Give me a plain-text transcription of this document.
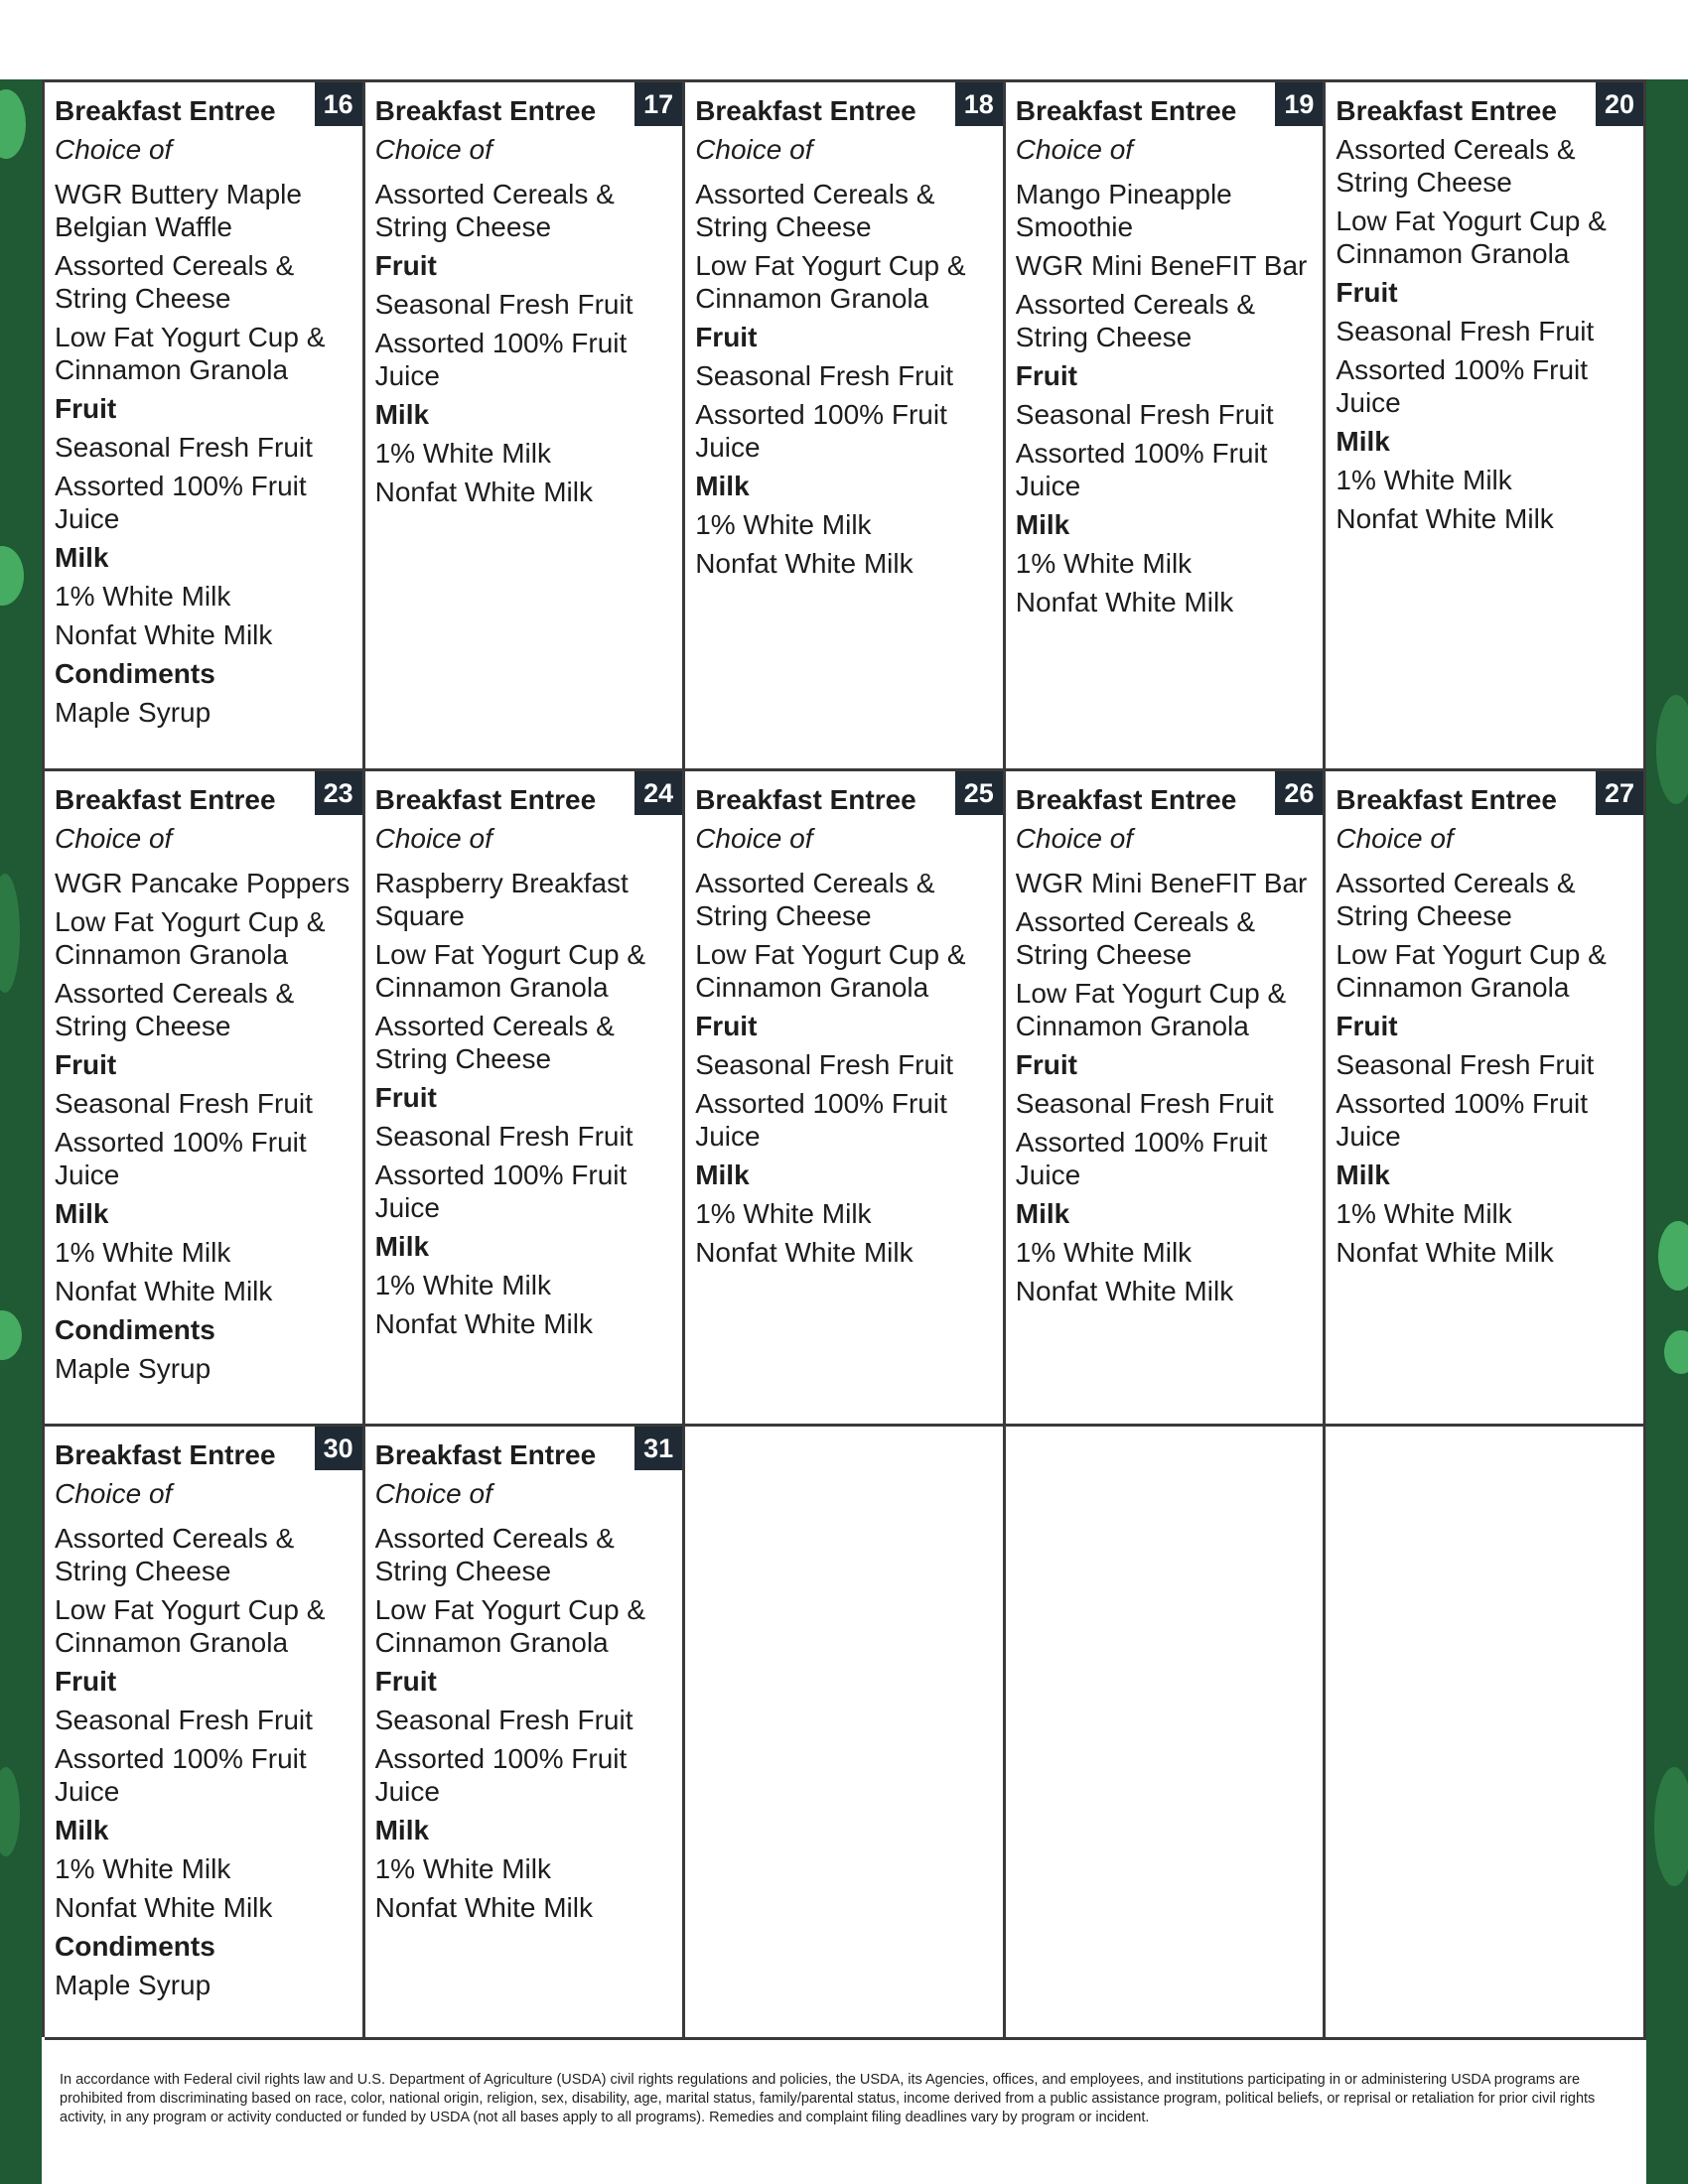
16
Breakfast Entree
Choice of
WGR Buttery Maple Belgian Waffle
Assorted Cereals & String Cheese
Low Fat Yogurt Cup & Cinnamon Granola
Fruit
Seasonal Fresh Fruit
Assorted 100% Fruit Juice
Milk
1% White Milk
Nonfat White Milk
Condiments
Maple Syrup
17
Breakfast Entree
Choice of
Assorted Cereals & String Cheese
Fruit
Seasonal Fresh Fruit
Assorted 100% Fruit Juice
Milk
1% White Milk
Nonfat White Milk
18
Breakfast Entree
Choice of
Assorted Cereals & String Cheese
Low Fat Yogurt Cup & Cinnamon Granola
Fruit
Seasonal Fresh Fruit
Assorted 100% Fruit Juice
Milk
1% White Milk
Nonfat White Milk
19
Breakfast Entree
Choice of
Mango Pineapple Smoothie
WGR Mini BeneFIT Bar
Assorted Cereals & String Cheese
Fruit
Seasonal Fresh Fruit
Assorted 100% Fruit Juice
Milk
1% White Milk
Nonfat White Milk
20
Breakfast Entree
Assorted Cereals & String Cheese
Low Fat Yogurt Cup & Cinnamon Granola
Fruit
Seasonal Fresh Fruit
Assorted 100% Fruit Juice
Milk
1% White Milk
Nonfat White Milk
23
Breakfast Entree
Choice of
WGR Pancake Poppers
Low Fat Yogurt Cup & Cinnamon Granola
Assorted Cereals & String Cheese
Fruit
Seasonal Fresh Fruit
Assorted 100% Fruit Juice
Milk
1% White Milk
Nonfat White Milk
Condiments
Maple Syrup
24
Breakfast Entree
Choice of
Raspberry Breakfast Square
Low Fat Yogurt Cup & Cinnamon Granola
Assorted Cereals & String Cheese
Fruit
Seasonal Fresh Fruit
Assorted 100% Fruit Juice
Milk
1% White Milk
Nonfat White Milk
25
Breakfast Entree
Choice of
Assorted Cereals & String Cheese
Low Fat Yogurt Cup & Cinnamon Granola
Fruit
Seasonal Fresh Fruit
Assorted 100% Fruit Juice
Milk
1% White Milk
Nonfat White Milk
26
Breakfast Entree
Choice of
WGR Mini BeneFIT Bar
Assorted Cereals & String Cheese
Low Fat Yogurt Cup & Cinnamon Granola
Fruit
Seasonal Fresh Fruit
Assorted 100% Fruit Juice
Milk
1% White Milk
Nonfat White Milk
27
Breakfast Entree
Choice of
Assorted Cereals & String Cheese
Low Fat Yogurt Cup & Cinnamon Granola
Fruit
Seasonal Fresh Fruit
Assorted 100% Fruit Juice
Milk
1% White Milk
Nonfat White Milk
30
Breakfast Entree
Choice of
Assorted Cereals & String Cheese
Low Fat Yogurt Cup & Cinnamon Granola
Fruit
Seasonal Fresh Fruit
Assorted 100% Fruit Juice
Milk
1% White Milk
Nonfat White Milk
Condiments
Maple Syrup
31
Breakfast Entree
Choice of
Assorted Cereals & String Cheese
Low Fat Yogurt Cup & Cinnamon Granola
Fruit
Seasonal Fresh Fruit
Assorted 100% Fruit Juice
Milk
1% White Milk
Nonfat White Milk
In accordance with Federal civil rights law and U.S. Department of Agriculture (USDA) civil rights regulations and policies, the USDA, its Agencies, offices, and employees, and institutions participating in or administering USDA programs are prohibited from discriminating based on race, color, national origin, religion, sex, disability, age, marital status, family/parental status, income derived from a public assistance program, political beliefs, or reprisal or retaliation for prior civil rights activity, in any program or activity conducted or funded by USDA (not all bases apply to all programs). Remedies and complaint filing deadlines vary by program or incident.
